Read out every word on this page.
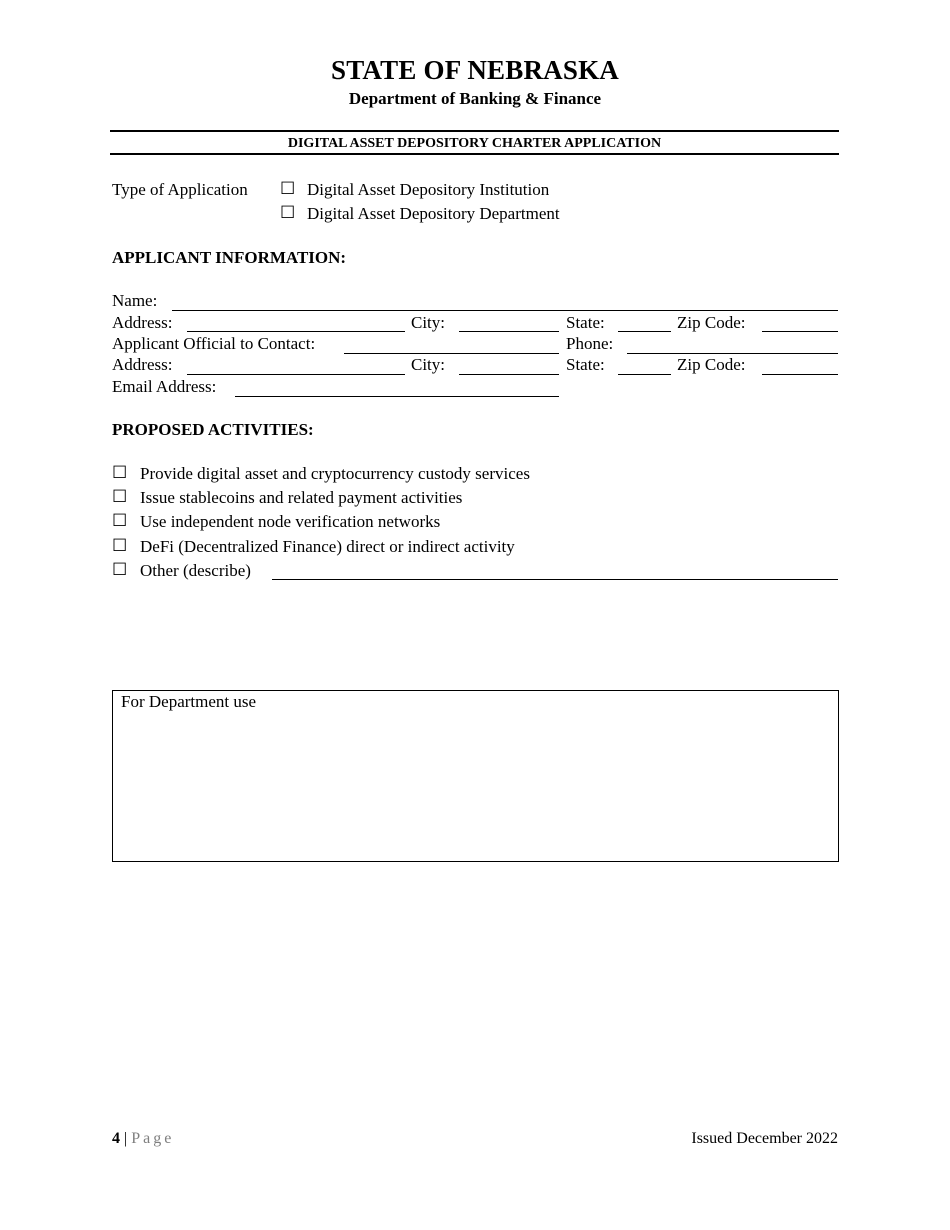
STATE OF NEBRASKA
Department of Banking & Finance
DIGITAL ASSET DEPOSITORY CHARTER APPLICATION
Type of Application ☐ Digital Asset Depository Institution
☐ Digital Asset Depository Department
APPLICANT INFORMATION:
Name:
Address:	City:	State:	Zip Code:
Applicant Official to Contact:	Phone:
Address:	City:	State:	Zip Code:
Email Address:
PROPOSED ACTIVITIES:
☐ Provide digital asset and cryptocurrency custody services
☐ Issue stablecoins and related payment activities
☐ Use independent node verification networks
☐ DeFi (Decentralized Finance) direct or indirect activity
☐ Other (describe)
For Department use
4 | Page	Issued December 2022
